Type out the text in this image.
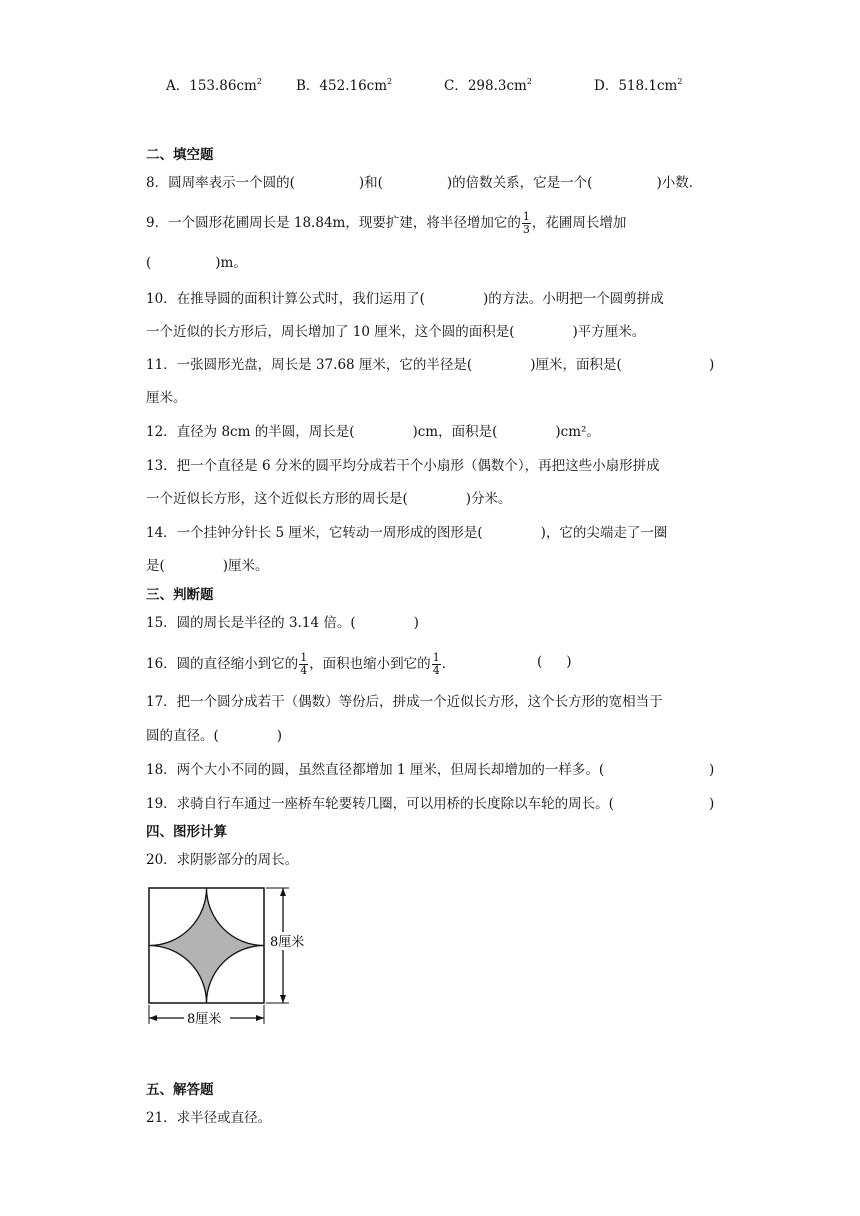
A．$153.86cm^2$	B．$452.16cm^2$	C．$298.3cm^2$	D．$518.1cm^2$
二、填空题
8．圆周率表示一个圆的(	)和(	)的倍数关系，它是一个(	)小数．
9．一个圆形花圃周长是 18.84m，现要扩建，将半径增加它的 $\frac{1}{3}$ ，花圃周长增加
(	)m。
10．在推导圆的面积计算公式时，我们运用了(	)的方法。小明把一个圆剪拼成
一个近似的长方形后，周长增加了 10 厘米，这个圆的面积是(	)平方厘米。
11．一张圆形光盘，周长是 37.68 厘米，它的半径是(	)厘米，面积是(	)
厘米。
12．直径为 8cm 的半圆，周长是(	)cm，面积是(	)cm²。
13．把一个直径是 6 分米的圆平均分成若干个小扇形（偶数个），再把这些小扇形拼成
一个近似长方形，这个近似长方形的周长是(	)分米。
14．一个挂钟分针长 5 厘米，它转动一周形成的图形是(	)，它的尖端走了一圈
是(	)厘米。
三、判断题
15．圆的周长是半径的 3.14 倍。(	)
16．圆的直径缩小到它的 $\frac{1}{4}$ ，面积也缩小到它的 $\frac{1}{4}$ ．	( )
17．把一个圆分成若干（偶数）等份后，拼成一个近似长方形，这个长方形的宽相当于
圆的直径。(	)
18．两个大小不同的圆，虽然直径都增加 1 厘米，但周长却增加的一样多。(	)
19．求骑自行车通过一座桥车轮要转几圈，可以用桥的长度除以车轮的周长。(	)
四、图形计算
20．求阴影部分的周长。
8厘米
8厘米
五、解答题
21．求半径或直径。
